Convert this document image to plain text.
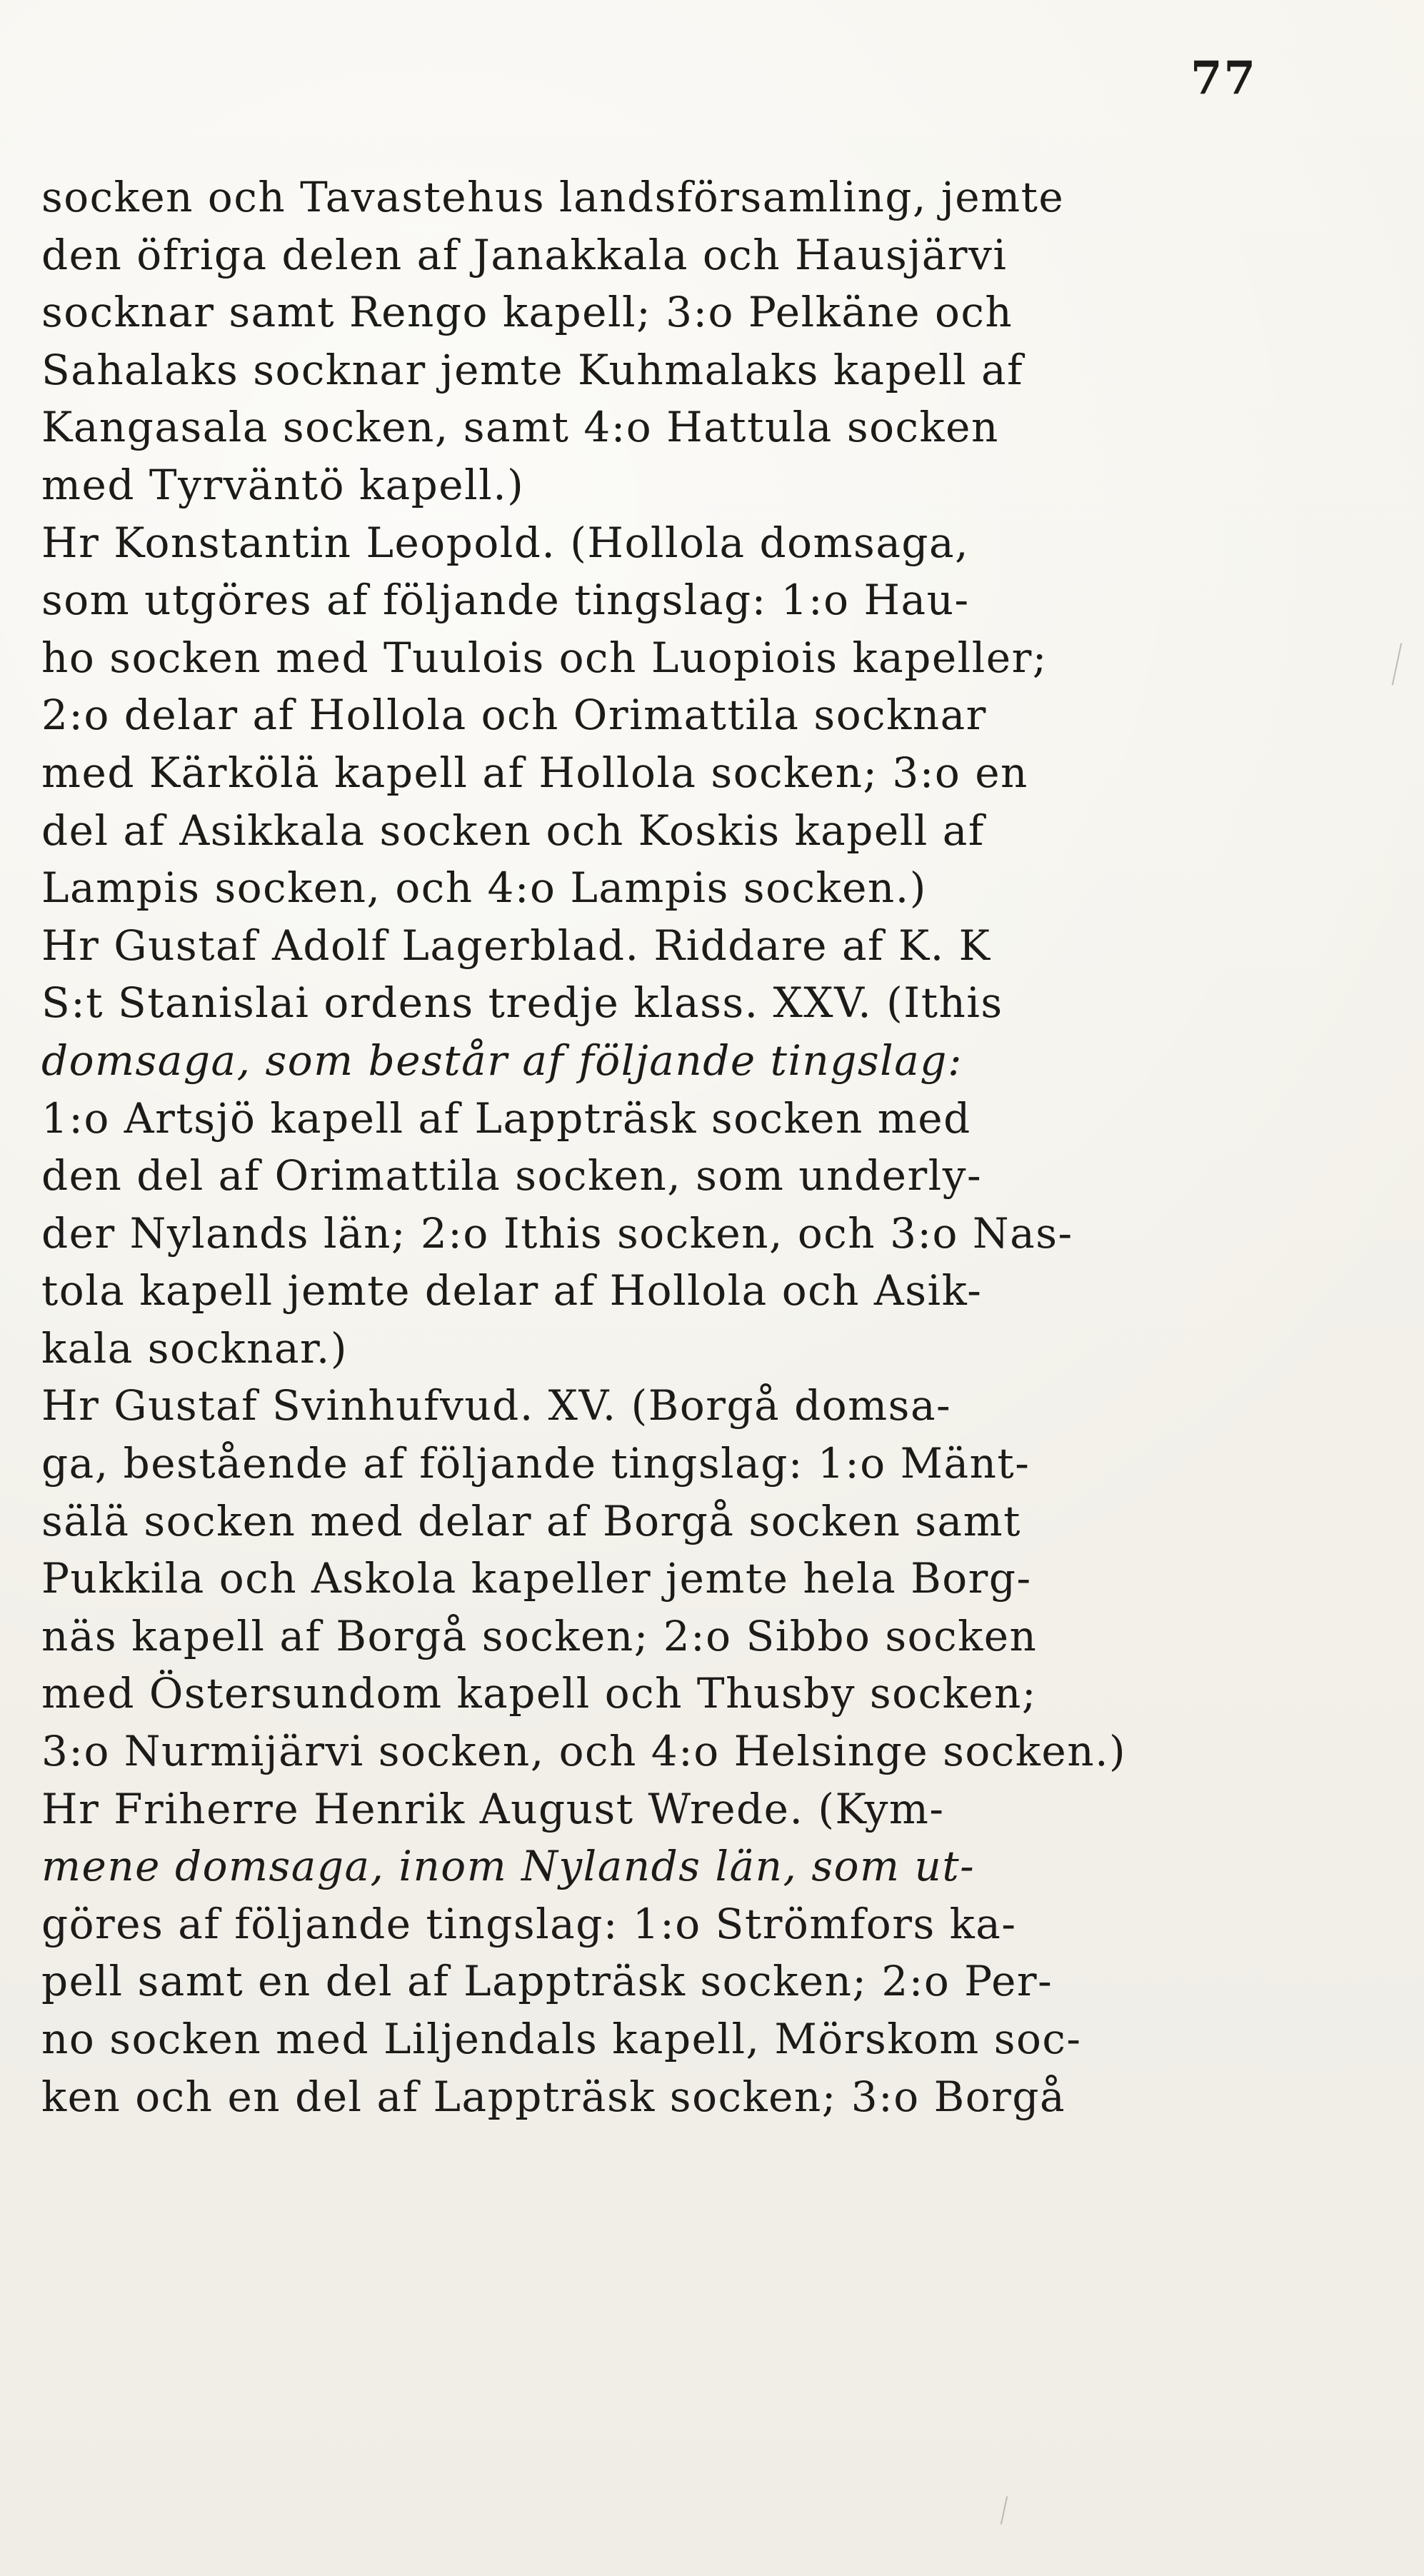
77
socken och Tavastehus landsförsamling, jemte
den öfriga delen af Janakkala och Hausjärvi
socknar samt Rengo kapell; 3:o Pelkäne och
Sahalaks socknar jemte Kuhmalaks kapell af
Kangasala socken, samt 4:o Hattula socken
med Tyrväntö kapell.)
Hr Konstantin Leopold. (Hollola domsaga,
som utgöres af följande tingslag: 1:o Hau-
ho socken med Tuulois och Luopiois kapeller;
2:o delar af Hollola och Orimattila socknar
med Kärkölä kapell af Hollola socken; 3:o en
del af Asikkala socken och Koskis kapell af
Lampis socken, och 4:o Lampis socken.)
Hr Gustaf Adolf Lagerblad. Riddare af K. K
S:t Stanislai ordens tredje klass. XXV. (Ithis
domsaga, som består af följande tingslag:
1:o Artsjö kapell af Lappträsk socken med
den del af Orimattila socken, som underly-
der Nylands län; 2:o Ithis socken, och 3:o Nas-
tola kapell jemte delar af Hollola och Asik-
kala socknar.)
Hr Gustaf Svinhufvud. XV. (Borgå domsa-
ga, bestående af följande tingslag: 1:o Mänt-
sälä socken med delar af Borgå socken samt
Pukkila och Askola kapeller jemte hela Borg-
näs kapell af Borgå socken; 2:o Sibbo socken
med Östersundom kapell och Thusby socken;
3:o Nurmijärvi socken, och 4:o Helsinge socken.)
Hr Friherre Henrik August Wrede. (Kym-
mene domsaga, inom Nylands län, som ut-
göres af följande tingslag: 1:o Strömfors ka-
pell samt en del af Lappträsk socken; 2:o Per-
no socken med Liljendals kapell, Mörskom soc-
ken och en del af Lappträsk socken; 3:o Borgå
